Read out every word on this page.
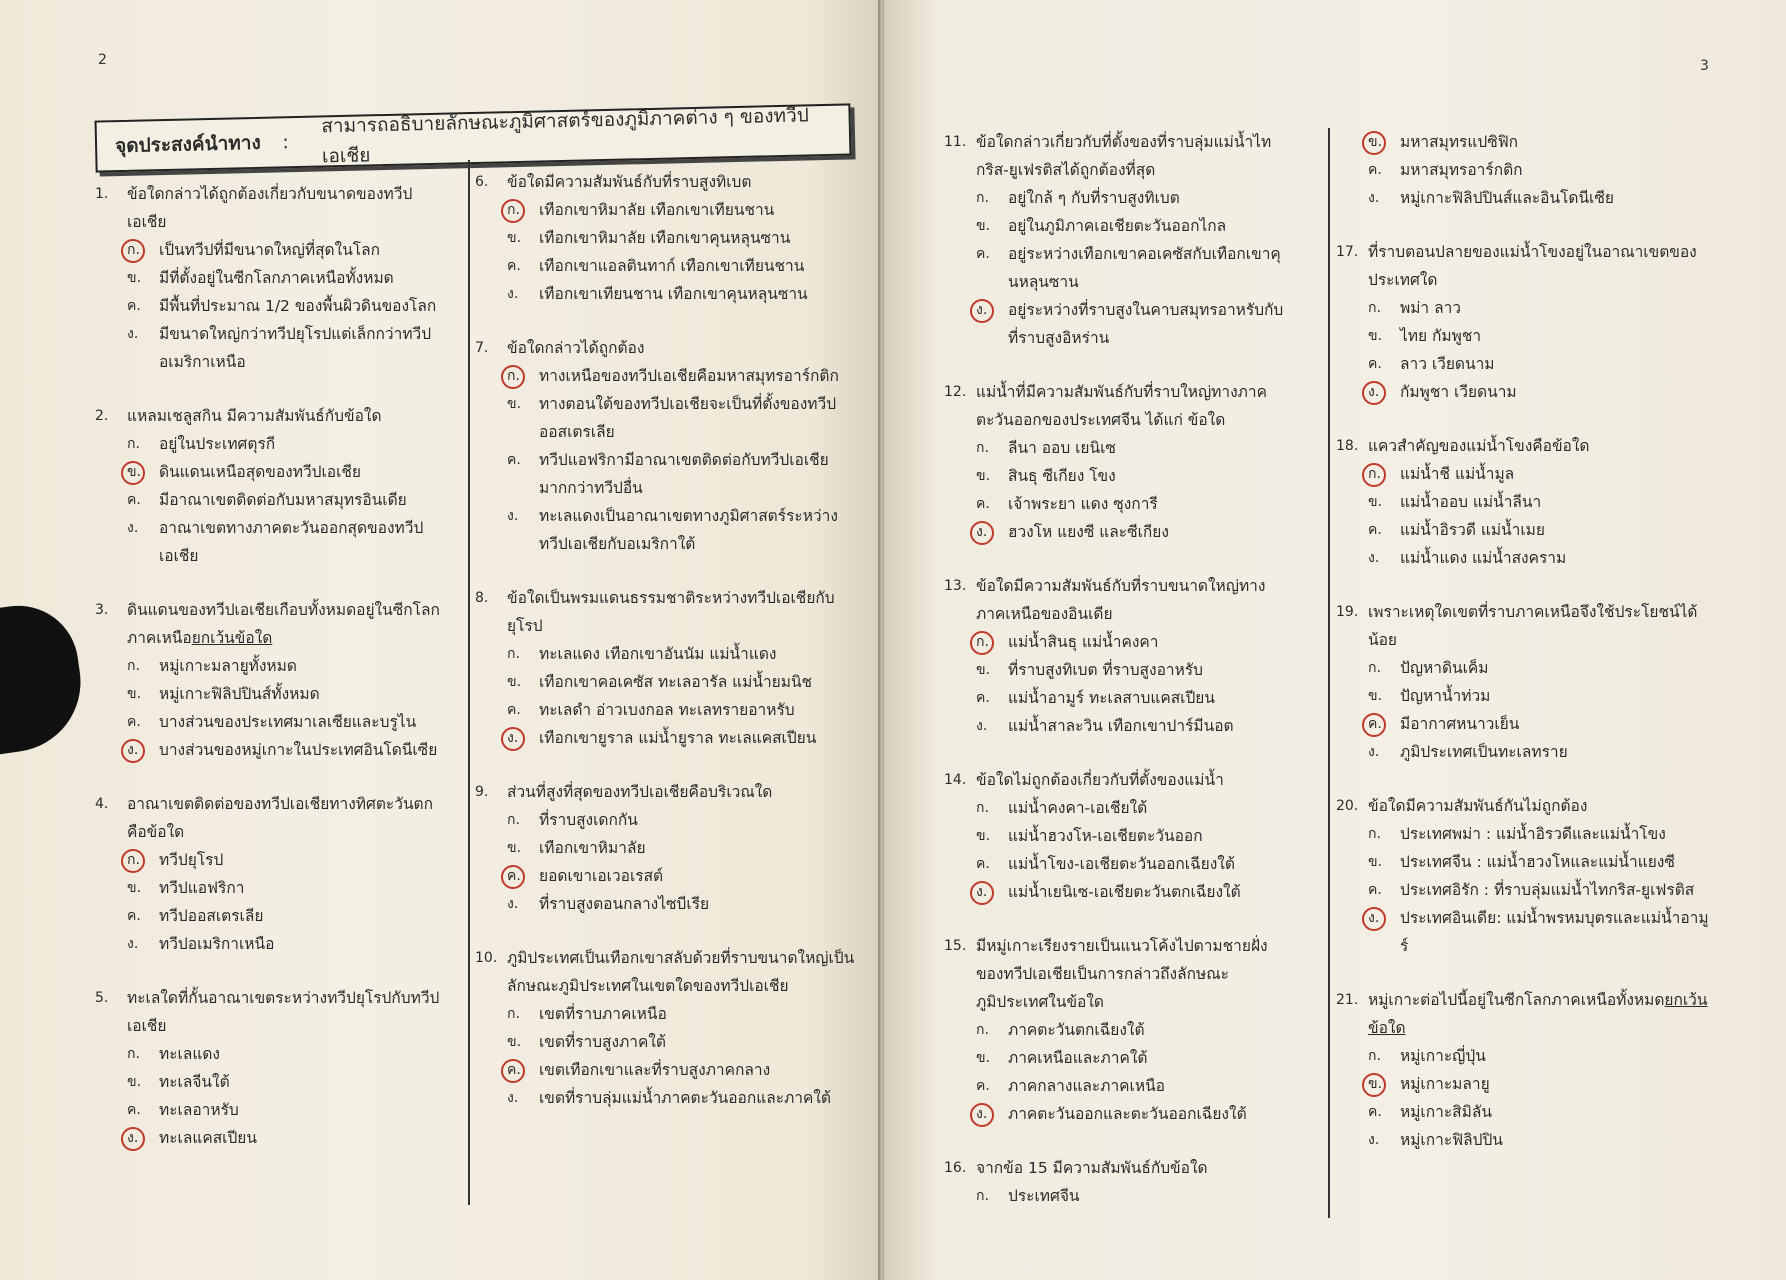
2
จุดประสงค์นำทาง	:
สามารถอธิบายลักษณะภูมิศาสตร์ของภูมิภาคต่าง ๆ ของทวีปเอเชีย
1.	ข้อใดกล่าวได้ถูกต้องเกี่ยวกับขนาดของทวีปเอเชีย
ก.	เป็นทวีปที่มีขนาดใหญ่ที่สุดในโลก
ข.	มีที่ตั้งอยู่ในซีกโลกภาคเหนือทั้งหมด
ค.	มีพื้นที่ประมาณ 1/2 ของพื้นผิวดินของโลก
ง.	มีขนาดใหญ่กว่าทวีปยุโรปแต่เล็กกว่าทวีปอเมริกาเหนือ
2.	แหลมเชลูสกิน มีความสัมพันธ์กับข้อใด
ก.	อยู่ในประเทศตุรกี
ข.	ดินแดนเหนือสุดของทวีปเอเชีย
ค.	มีอาณาเขตติดต่อกับมหาสมุทรอินเดีย
ง.	อาณาเขตทางภาคตะวันออกสุดของทวีปเอเชีย
3.	ดินแดนของทวีปเอเชียเกือบทั้งหมดอยู่ในซีกโลกภาคเหนือยกเว้นข้อใด
ก.	หมู่เกาะมลายูทั้งหมด
ข.	หมู่เกาะฟิลิปปินส์ทั้งหมด
ค.	บางส่วนของประเทศมาเลเซียและบรูไน
ง.	บางส่วนของหมู่เกาะในประเทศอินโดนีเซีย
4.	อาณาเขตติดต่อของทวีปเอเชียทางทิศตะวันตกคือข้อใด
ก.	ทวีปยุโรป
ข.	ทวีปแอฟริกา
ค.	ทวีปออสเตรเลีย
ง.	ทวีปอเมริกาเหนือ
5.	ทะเลใดที่กั้นอาณาเขตระหว่างทวีปยุโรปกับทวีปเอเชีย
ก.	ทะเลแดง
ข.	ทะเลจีนใต้
ค.	ทะเลอาหรับ
ง.	ทะเลแคสเปียน
6.	ข้อใดมีความสัมพันธ์กับที่ราบสูงทิเบต
ก.	เทือกเขาหิมาลัย เทือกเขาเทียนชาน
ข.	เทือกเขาหิมาลัย เทือกเขาคุนหลุนซาน
ค.	เทือกเขาแอลตินทาก์ เทือกเขาเทียนชาน
ง.	เทือกเขาเทียนชาน เทือกเขาคุนหลุนซาน
7.	ข้อใดกล่าวได้ถูกต้อง
ก.	ทางเหนือของทวีปเอเชียคือมหาสมุทรอาร์กติก
ข.	ทางตอนใต้ของทวีปเอเชียจะเป็นที่ตั้งของทวีปออสเตรเลีย
ค.	ทวีปแอฟริกามีอาณาเขตติดต่อกับทวีปเอเชียมากกว่าทวีปอื่น
ง.	ทะเลแดงเป็นอาณาเขตทางภูมิศาสตร์ระหว่างทวีปเอเชียกับอเมริกาใต้
8.	ข้อใดเป็นพรมแดนธรรมชาติระหว่างทวีปเอเชียกับยุโรป
ก.	ทะเลแดง เทือกเขาอันนัม แม่น้ำแดง
ข.	เทือกเขาคอเคซัส ทะเลอารัล แม่น้ำยมนิช
ค.	ทะเลดำ อ่าวเบงกอล ทะเลทรายอาหรับ
ง.	เทือกเขายูราล แม่น้ำยูราล ทะเลแคสเปียน
9.	ส่วนที่สูงที่สุดของทวีปเอเชียคือบริเวณใด
ก.	ที่ราบสูงเดกกัน
ข.	เทือกเขาหิมาลัย
ค.	ยอดเขาเอเวอเรสต์
ง.	ที่ราบสูงตอนกลางไซบีเรีย
10. ภูมิประเทศเป็นเทือกเขาสลับด้วยที่ราบขนาดใหญ่เป็นลักษณะภูมิประเทศในเขตใดของทวีปเอเชีย
ก.	เขตที่ราบภาคเหนือ
ข.	เขตที่ราบสูงภาคใต้
ค.	เขตเทือกเขาและที่ราบสูงภาคกลาง
ง.	เขตที่ราบลุ่มแม่น้ำภาคตะวันออกและภาคใต้
3
11. ข้อใดกล่าวเกี่ยวกับที่ตั้งของที่ราบลุ่มแม่น้ำไทกริส-ยูเฟรติสได้ถูกต้องที่สุด
ก.	อยู่ใกล้ ๆ กับที่ราบสูงทิเบต
ข.	อยู่ในภูมิภาคเอเชียตะวันออกไกล
ค.	อยู่ระหว่างเทือกเขาคอเคซัสกับเทือกเขาคุนหลุนซาน
ง.	อยู่ระหว่างที่ราบสูงในคาบสมุทรอาหรับกับที่ราบสูงอิหร่าน
12. แม่น้ำที่มีความสัมพันธ์กับที่ราบใหญ่ทางภาคตะวันออกของประเทศจีน ได้แก่ ข้อใด
ก.	ลีนา ออบ เยนิเซ
ข.	สินธุ ซีเกียง โขง
ค.	เจ้าพระยา แดง ซุงการี
ง.	ฮวงโห แยงซี และซีเกียง
13. ข้อใดมีความสัมพันธ์กับที่ราบขนาดใหญ่ทางภาคเหนือของอินเดีย
ก.	แม่น้ำสินธุ แม่น้ำคงคา
ข.	ที่ราบสูงทิเบต ที่ราบสูงอาหรับ
ค.	แม่น้ำอามูร์ ทะเลสาบแคสเปียน
ง.	แม่น้ำสาละวิน เทือกเขาปาร์มีนอต
14. ข้อใดไม่ถูกต้องเกี่ยวกับที่ตั้งของแม่น้ำ
ก.	แม่น้ำคงคา-เอเชียใต้
ข.	แม่น้ำฮวงโห-เอเชียตะวันออก
ค.	แม่น้ำโขง-เอเชียตะวันออกเฉียงใต้
ง.	แม่น้ำเยนิเซ-เอเชียตะวันตกเฉียงใต้
15. มีหมู่เกาะเรียงรายเป็นแนวโค้งไปตามชายฝั่งของทวีปเอเชียเป็นการกล่าวถึงลักษณะภูมิประเทศในข้อใด
ก.	ภาคตะวันตกเฉียงใต้
ข.	ภาคเหนือและภาคใต้
ค.	ภาคกลางและภาคเหนือ
ง.	ภาคตะวันออกและตะวันออกเฉียงใต้
16. จากข้อ 15 มีความสัมพันธ์กับข้อใด
ก.	ประเทศจีน
ข.	มหาสมุทรแปซิฟิก
ค.	มหาสมุทรอาร์กติก
ง.	หมู่เกาะฟิลิปปินส์และอินโดนีเซีย
17. ที่ราบตอนปลายของแม่น้ำโขงอยู่ในอาณาเขตของประเทศใด
ก.	พม่า ลาว
ข.	ไทย กัมพูชา
ค.	ลาว เวียดนาม
ง.	กัมพูชา เวียดนาม
18. แควสำคัญของแม่น้ำโขงคือข้อใด
ก.	แม่น้ำชี แม่น้ำมูล
ข.	แม่น้ำออบ แม่น้ำลีนา
ค.	แม่น้ำอิรวดี แม่น้ำเมย
ง.	แม่น้ำแดง แม่น้ำสงคราม
19. เพราะเหตุใดเขตที่ราบภาคเหนือจึงใช้ประโยชน์ได้น้อย
ก.	ปัญหาดินเค็ม
ข.	ปัญหาน้ำท่วม
ค.	มีอากาศหนาวเย็น
ง.	ภูมิประเทศเป็นทะเลทราย
20. ข้อใดมีความสัมพันธ์กันไม่ถูกต้อง
ก.	ประเทศพม่า : แม่น้ำอิรวดีและแม่น้ำโขง
ข.	ประเทศจีน : แม่น้ำฮวงโหและแม่น้ำแยงซี
ค.	ประเทศอิรัก : ที่ราบลุ่มแม่น้ำไทกริส-ยูเฟรติส
ง.	ประเทศอินเดีย: แม่น้ำพรหมบุตรและแม่น้ำอามูร์
21. หมู่เกาะต่อไปนี้อยู่ในซีกโลกภาคเหนือทั้งหมดยกเว้นข้อใด
ก.	หมู่เกาะญี่ปุ่น
ข.	หมู่เกาะมลายู
ค.	หมู่เกาะสิมิลัน
ง.	หมู่เกาะฟิลิปปิน
